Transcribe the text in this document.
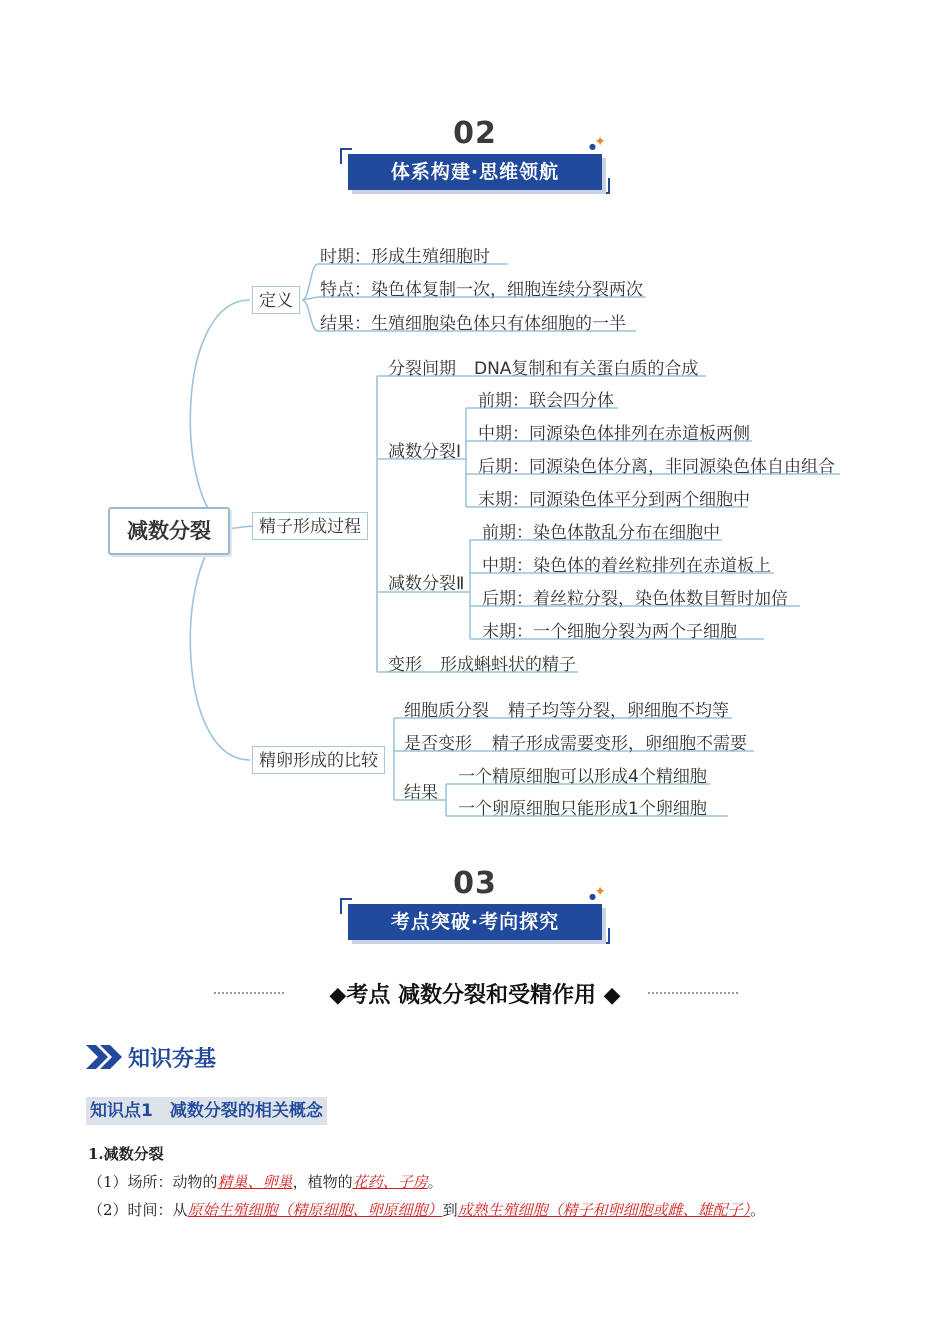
02	✦
●
体系构建·思维领航
减数分裂
定义
时期：形成生殖细胞时
特点：染色体复制一次，细胞连续分裂两次
结果：生殖细胞染色体只有体细胞的一半
精子形成过程
分裂间期 DNA复制和有关蛋白质的合成
减数分裂Ⅰ
前期：联会四分体
中期：同源染色体排列在赤道板两侧
后期：同源染色体分离，非同源染色体自由组合
末期：同源染色体平分到两个细胞中
减数分裂Ⅱ
前期：染色体散乱分布在细胞中
中期：染色体的着丝粒排列在赤道板上
后期：着丝粒分裂，染色体数目暂时加倍
末期：一个细胞分裂为两个子细胞
变形 形成蝌蚪状的精子
精卵形成的比较
细胞质分裂 精子均等分裂，卵细胞不均等
是否变形 精子形成需要变形，卵细胞不需要
结果
一个精原细胞可以形成4个精细胞
一个卵原细胞只能形成1个卵细胞
03	✦
●
考点突破·考向探究
◆考点 减数分裂和受精作用 ◆
知识夯基
知识点1　减数分裂的相关概念
1.减数分裂
（1）场所：动物的精巢、卵巢，植物的花药、子房。
（2）时间：从原始生殖细胞（精原细胞、卵原细胞）到成熟生殖细胞（精子和卵细胞或雌、雄配子）。
